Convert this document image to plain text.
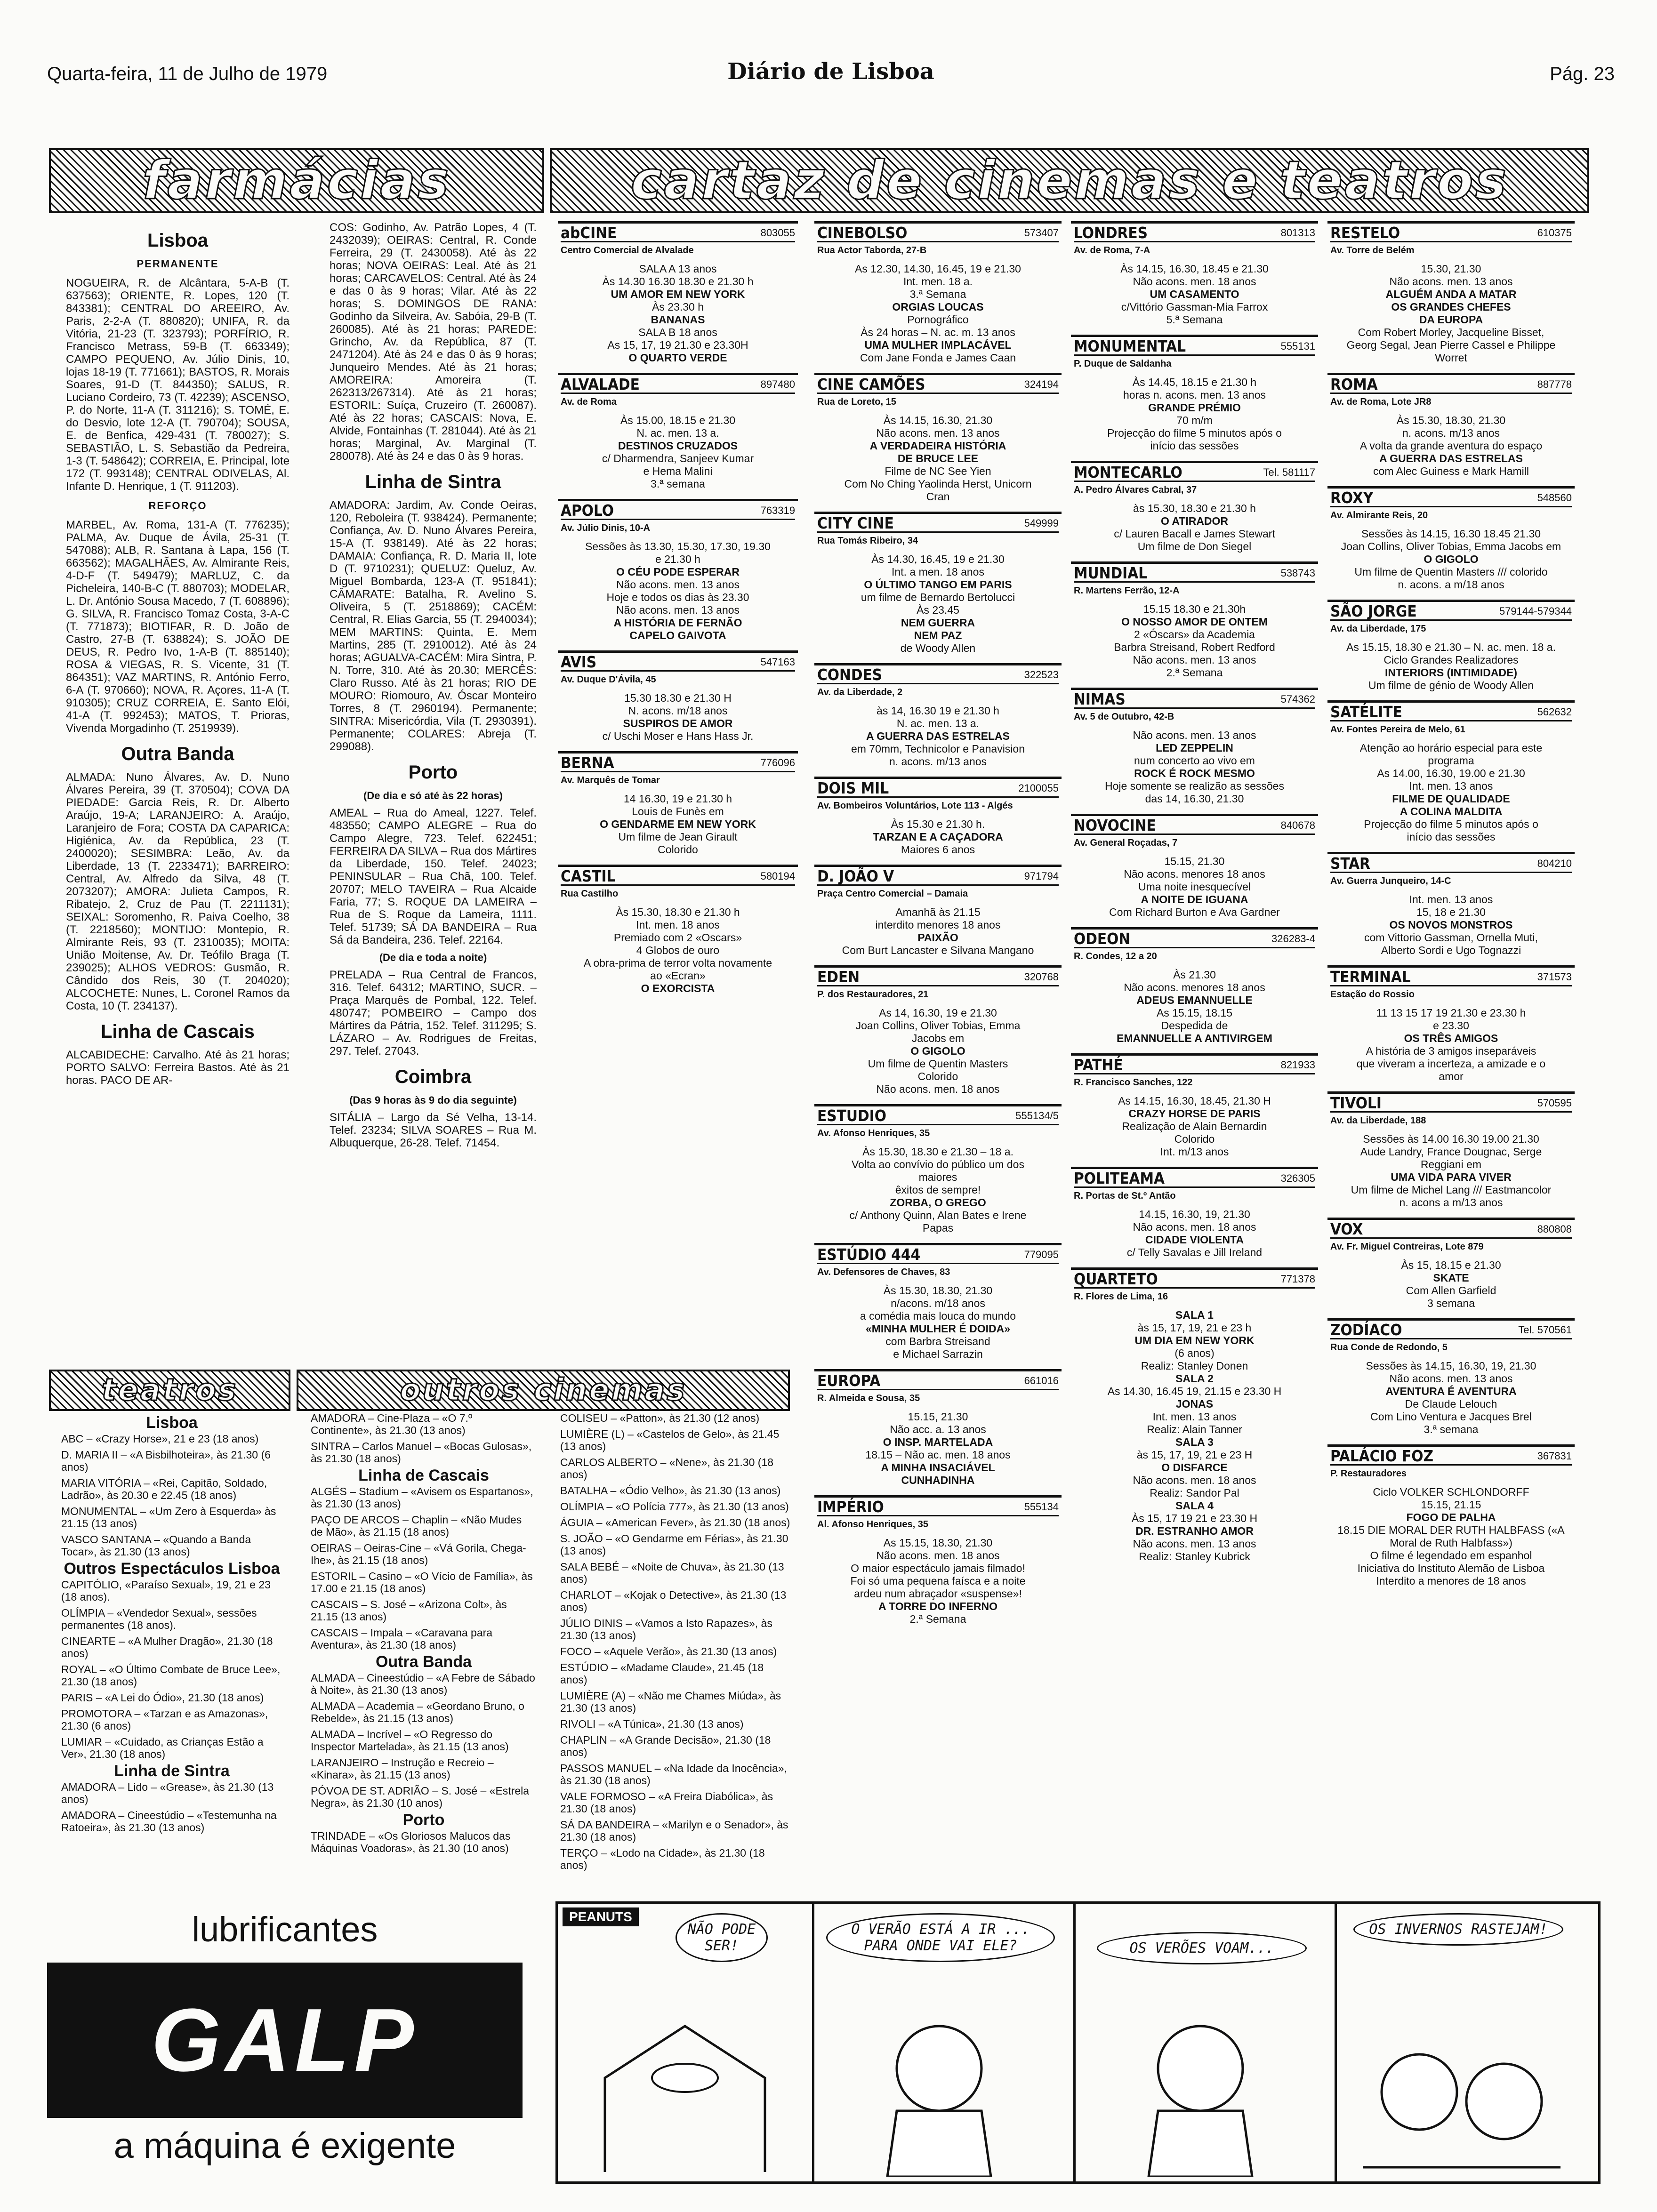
Quarta-feira, 11 de Julho de 1979	Diário de Lisboa	Pág. 23
farmácias	cartaz de cinemas e teatros
Lisboa
PERMANENTE

NOGUEIRA, R. de Alcântara, 5-A-B (T. 637563); ORIENTE, R. Lopes, 120 (T. 843381); CENTRAL DO AREEIRO, Av. Paris, 2-2-A (T. 880820); UNIFA, R. da Vitória, 21-23 (T. 323793); PORFÍRIO, R. Francisco Metrass, 59-B (T. 663349); CAMPO PEQUENO, Av. Júlio Dinis, 10, lojas 18-19 (T. 771661); BASTOS, R. Morais Soares, 91-D (T. 844350); SALUS, R. Luciano Cordeiro, 73 (T. 42239); ASCENSO, P. do Norte, 11-A (T. 311216); S. TOMÉ, E. do Desvio, lote 12-A (T. 790704); SOUSA, E. de Benfica, 429-431 (T. 780027); S. SEBASTIÃO, L. S. Sebastião da Pedreira, 1-3 (T. 548642); CORREIA, E. Principal, lote 172 (T. 993148); CENTRAL ODIVELAS, Al. Infante D. Henrique, 1 (T. 911203).

REFORÇO

MARBEL, Av. Roma, 131-A (T. 776235); PALMA, Av. Duque de Ávila, 25-31 (T. 547088); ALB, R. Santana à Lapa, 156 (T. 663562); MAGALHÃES, Av. Almirante Reis, 4-D-F (T. 549479); MARLUZ, C. da Picheleira, 140-B-C (T. 880703); MODELAR, L. Dr. António Sousa Macedo, 7 (T. 608896); G. SILVA, R. Francisco Tomaz Costa, 3-A-C (T. 771873); BIOTIFAR, R. D. João de Castro, 27-B (T. 638824); S. JOÃO DE DEUS, R. Pedro Ivo, 1-A-B (T. 885140); ROSA & VIEGAS, R. S. Vicente, 31 (T. 864351); VAZ MARTINS, R. António Ferro, 6-A (T. 970660); NOVA, R. Açores, 11-A (T. 910305); CRUZ CORREIA, E. Santo Elói, 41-A (T. 992453); MATOS, T. Prioras, Vivenda Morgadinho (T. 2519939).

Outra Banda

ALMADA: Nuno Álvares, Av. D. Nuno Álvares Pereira, 39 (T. 370504); COVA DA PIEDADE: Garcia Reis, R. Dr. Alberto Araújo, 19-A; LARANJEIRO: A. Araújo, Laranjeiro de Fora; COSTA DA CAPARICA: Higiénica, Av. da República, 23 (T. 2400020); SESIMBRA: Leão, Av. da Liberdade, 13 (T. 2233471); BARREIRO: Central, Av. Alfredo da Silva, 48 (T. 2073207); AMORA: Julieta Campos, R. Ribatejo, 2, Cruz de Pau (T. 2211131); SEIXAL: Soromenho, R. Paiva Coelho, 38 (T. 2218560); MONTIJO: Montepio, R. Almirante Reis, 93 (T. 2310035); MOITA: União Moitense, Av. Dr. Teófilo Braga (T. 239025); ALHOS VEDROS: Gusmão, R. Cândido dos Reis, 30 (T. 204020); ALCOCHETE: Nunes, L. Coronel Ramos da Costa, 10 (T. 234137).

Linha de Cascais

ALCABIDECHE: Carvalho. Até às 21 horas; PORTO SALVO: Ferreira Bastos. Até às 21 horas. PACO DE AR-

COS: Godinho, Av. Patrão Lopes, 4 (T. 2432039); OEIRAS: Central, R. Conde Ferreira, 29 (T. 2430058). Até às 22 horas; NOVA OEIRAS: Leal. Até às 21 horas; CARCAVELOS: Central. Até às 24 e das 0 às 9 horas; Vilar. Até às 22 horas; S. DOMINGOS DE RANA: Godinho da Silveira, Av. Sabóia, 29-B (T. 260085). Até às 21 horas; PAREDE: Grincho, Av. da República, 87 (T. 2471204). Até às 24 e das 0 às 9 horas; Junqueiro Mendes. Até às 21 horas; AMOREIRA: Amoreira (T. 262313/267314). Até às 21 horas; ESTORIL: Suíça, Cruzeiro (T. 260087). Até às 22 horas; CASCAIS: Nova, E. Alvide, Fontainhas (T. 281044). Até às 21 horas; Marginal, Av. Marginal (T. 280078). Até às 24 e das 0 às 9 horas.

Linha de Sintra

AMADORA: Jardim, Av. Conde Oeiras, 120, Reboleira (T. 938424). Permanente; Confiança, Av. D. Nuno Álvares Pereira, 15-A (T. 938149). Até às 22 horas; DAMAIA: Confiança, R. D. Maria II, lote D (T. 9710231); QUELUZ: Queluz, Av. Miguel Bombarda, 123-A (T. 951841); CÂMARATE: Batalha, R. Avelino S. Oliveira, 5 (T. 2518869); CACÉM: Central, R. Elias Garcia, 55 (T. 2940034); MEM MARTINS: Quinta, E. Mem Martins, 285 (T. 2910012). Até às 24 horas; AGUALVA-CACÉM: Mira Sintra, P. N. Torre, 310. Até às 20.30; MERCÊS: Claro Russo. Até às 21 horas; RIO DE MOURO: Riomouro, Av. Óscar Monteiro Torres, 8 (T. 2960194). Permanente; SINTRA: Misericórdia, Vila (T. 2930391). Permanente; COLARES: Abreja (T. 299088).

Porto
(De dia e só até às 22 horas)

AMEAL – Rua do Ameal, 1227. Telef. 483550; CAMPO ALEGRE – Rua do Campo Alegre, 723. Telef. 622451; FERREIRA DA SILVA – Rua dos Mártires da Liberdade, 150. Telef. 24023; PENINSULAR – Rua Chã, 100. Telef. 20707; MELO TAVEIRA – Rua Alcaide Faria, 77; S. ROQUE DA LAMEIRA – Rua de S. Roque da Lameira, 1111. Telef. 51739; SÁ DA BANDEIRA – Rua Sá da Bandeira, 236. Telef. 22164.

(De dia e toda a noite)

PRELADA – Rua Central de Francos, 316. Telef. 64312; MARTINO, SUCR. – Praça Marquês de Pombal, 122. Telef. 480747; POMBEIRO – Campo dos Mártires da Pátria, 152. Telef. 311295; S. LÁZARO – Av. Rodrigues de Freitas, 297. Telef. 27043.

Coimbra
(Das 9 horas às 9 do dia seguinte)

SITÁLIA – Largo da Sé Velha, 13-14. Telef. 23234; SILVA SOARES – Rua M. Albuquerque, 26-28. Telef. 71454.

abCINE	803055
Centro Comercial de Alvalade

SALA A 13 anos

Às 14.30 16.30 18.30 e 21.30 h

UM AMOR EM NEW YORK

Às 23.30 h

BANANAS

SALA B 18 anos

As 15, 17, 19 21.30 e 23.30H

O QUARTO VERDE

ALVALADE	897480
Av. de Roma

Às 15.00, 18.15 e 21.30

N. ac. men. 13 a.

DESTINOS CRUZADOS

c/ Dharmendra, Sanjeev Kumar

e Hema Malini

3.ª semana

APOLO	763319
Av. Júlio Dinis, 10-A

Sessões às 13.30, 15.30, 17.30, 19.30

e 21.30 h

O CÉU PODE ESPERAR

Não acons. men. 13 anos

Hoje e todos os dias às 23.30

Não acons. men. 13 anos

A HISTÓRIA DE FERNÃO

CAPELO GAIVOTA

AVIS	547163
Av. Duque D'Ávila, 45

15.30 18.30 e 21.30 H

N. acons. m/18 anos

SUSPIROS DE AMOR

c/ Uschi Moser e Hans Hass Jr.

BERNA	776096
Av. Marquês de Tomar

14 16.30, 19 e 21.30 h

Louis de Funès em

O GENDARME EM NEW YORK

Um filme de Jean Girault

Colorido

CASTIL	580194
Rua Castilho

Às 15.30, 18.30 e 21.30 h

Int. men. 18 anos

Premiado com 2 «Oscars»

4 Globos de ouro

A obra-prima de terror volta novamente

ao «Ecran»

O EXORCISTA

CINEBOLSO	573407
Rua Actor Taborda, 27-B

As 12.30, 14.30, 16.45, 19 e 21.30

Int. men. 18 a.

3.ª Semana

ORGIAS LOUCAS

Pornográfico

Às 24 horas – N. ac. m. 13 anos

UMA MULHER IMPLACÁVEL

Com Jane Fonda e James Caan

CINE CAMÕES	324194
Rua de Loreto, 15

Às 14.15, 16.30, 21.30

Não acons. men. 13 anos

A VERDADEIRA HISTÓRIA

DE BRUCE LEE

Filme de NC See Yien

Com No Ching Yaolinda Herst, Unicorn

Cran

CITY CINE	549999
Rua Tomás Ribeiro, 34

Às 14.30, 16.45, 19 e 21.30

Int. a men. 18 anos

O ÚLTIMO TANGO EM PARIS

um filme de Bernardo Bertolucci

Às 23.45

NEM GUERRA

NEM PAZ

de Woody Allen

CONDES	322523
Av. da Liberdade, 2

às 14, 16.30 19 e 21.30 h

N. ac. men. 13 a.

A GUERRA DAS ESTRELAS

em 70mm, Technicolor e Panavision

n. acons. m/13 anos

DOIS MIL	2100055
Av. Bombeiros Voluntários, Lote 113 - Algés

Às 15.30 e 21.30 h.

TARZAN E A CAÇADORA

Maiores 6 anos

D. JOÃO V	971794
Praça Centro Comercial – Damaia

Amanhã às 21.15

interdito menores 18 anos

PAIXÃO

Com Burt Lancaster e Silvana Mangano

EDEN	320768
P. dos Restauradores, 21

As 14, 16.30, 19 e 21.30

Joan Collins, Oliver Tobias, Emma

Jacobs em

O GIGOLO

Um filme de Quentin Masters

Colorido

Não acons. men. 18 anos

ESTUDIO	555134/5
Av. Afonso Henriques, 35

Às 15.30, 18.30 e 21.30 – 18 a.

Volta ao convívio do público um dos

maiores

êxitos de sempre!

ZORBA, O GREGO

c/ Anthony Quinn, Alan Bates e Irene

Papas

ESTÚDIO 444	779095
Av. Defensores de Chaves, 83

Às 15.30, 18.30, 21.30

n/acons. m/18 anos

a comédia mais louca do mundo

«MINHA MULHER É DOIDA»

com Barbra Streisand

e Michael Sarrazin

EUROPA	661016
R. Almeida e Sousa, 35

15.15, 21.30

Não acc. a. 13 anos

O INSP. MARTELADA

18.15 – Não ac. men. 18 anos

A MINHA INSACIÁVEL

CUNHADINHA

IMPÉRIO	555134
Al. Afonso Henriques, 35

As 15.15, 18.30, 21.30

Não acons. men. 18 anos

O maior espectáculo jamais filmado!

Foi só uma pequena faísca e a noite

ardeu num abraçador «suspense»!

A TORRE DO INFERNO

2.ª Semana

LONDRES	801313
Av. de Roma, 7-A

Às 14.15, 16.30, 18.45 e 21.30

Não acons. men. 18 anos

UM CASAMENTO

c/Vittório Gassman-Mia Farrox

5.ª Semana

MONUMENTAL	555131
P. Duque de Saldanha

Às 14.45, 18.15 e 21.30 h

horas n. acons. men. 13 anos

GRANDE PRÉMIO

70 m/m

Projecção do filme 5 minutos após o

início das sessões

MONTECARLO	Tel. 581117
A. Pedro Álvares Cabral, 37

às 15.30, 18.30 e 21.30 h

O ATIRADOR

c/ Lauren Bacall e James Stewart

Um filme de Don Siegel

MUNDIAL	538743
R. Martens Ferrão, 12-A

15.15 18.30 e 21.30h

O NOSSO AMOR DE ONTEM

2 «Óscars» da Academia

Barbra Streisand, Robert Redford

Não acons. men. 13 anos

2.ª Semana

NIMAS	574362
Av. 5 de Outubro, 42-B

Não acons. men. 13 anos

LED ZEPPELIN

num concerto ao vivo em

ROCK É ROCK MESMO

Hoje somente se realizão as sessões

das 14, 16.30, 21.30

NOVOCINE	840678
Av. General Roçadas, 7

15.15, 21.30

Não acons. menores 18 anos

Uma noite inesquecível

A NOITE DE IGUANA

Com Richard Burton e Ava Gardner

ODEON	326283-4
R. Condes, 12 a 20

Às 21.30

Não acons. menores 18 anos

ADEUS EMANNUELLE

As 15.15, 18.15

Despedida de

EMANNUELLE A ANTIVIRGEM

PATHÉ	821933
R. Francisco Sanches, 122

As 14.15, 16.30, 18.45, 21.30 H

CRAZY HORSE DE PARIS

Realização de Alain Bernardin

Colorido

Int. m/13 anos

POLITEAMA	326305
R. Portas de St.º Antão

14.15, 16.30, 19, 21.30

Não acons. men. 18 anos

CIDADE VIOLENTA

c/ Telly Savalas e Jill Ireland

QUARTETO	771378
R. Flores de Lima, 16

SALA 1

às 15, 17, 19, 21 e 23 h

UM DIA EM NEW YORK

(6 anos)

Realiz: Stanley Donen

SALA 2

As 14.30, 16.45 19, 21.15 e 23.30 H

JONAS

Int. men. 13 anos

Realiz: Alain Tanner

SALA 3

às 15, 17, 19, 21 e 23 H

O DISFARCE

Não acons. men. 18 anos

Realiz: Sandor Pal

SALA 4

Às 15, 17 19 21 e 23.30 H

DR. ESTRANHO AMOR

Não acons. men. 13 anos

Realiz: Stanley Kubrick

RESTELO	610375
Av. Torre de Belém

15.30, 21.30

Não acons. men. 13 anos

ALGUÉM ANDA A MATAR

OS GRANDES CHEFES

DA EUROPA

Com Robert Morley, Jacqueline Bisset,

Georg Segal, Jean Pierre Cassel e Philippe Worret

ROMA	887778
Av. de Roma, Lote JR8

Às 15.30, 18.30, 21.30

n. acons. m/13 anos

A volta da grande aventura do espaço

A GUERRA DAS ESTRELAS

com Alec Guiness e Mark Hamill

ROXY	548560
Av. Almirante Reis, 20

Sessões às 14.15, 16.30 18.45 21.30

Joan Collins, Oliver Tobias, Emma Jacobs em

O GIGOLO

Um filme de Quentin Masters /// colorido

n. acons. a m/18 anos

SÃO JORGE	579144-579344
Av. da Liberdade, 175

As 15.15, 18.30 e 21.30 – N. ac. men. 18 a.

Ciclo Grandes Realizadores

INTERIORS (INTIMIDADE)

Um filme de génio de Woody Allen

SATÉLITE	562632
Av. Fontes Pereira de Melo, 61

Atenção ao horário especial para este

programa

As 14.00, 16.30, 19.00 e 21.30

Int. men. 13 anos

FILME DE QUALIDADE

A COLINA MALDITA

Projecção do filme 5 minutos após o

início das sessões

STAR	804210
Av. Guerra Junqueiro, 14-C

Int. men. 13 anos

15, 18 e 21.30

OS NOVOS MONSTROS

com Vittorio Gassman, Ornella Muti,

Alberto Sordi e Ugo Tognazzi

TERMINAL	371573
Estação do Rossio

11 13 15 17 19 21.30 e 23.30 h

e 23.30

OS TRÊS AMIGOS

A história de 3 amigos inseparáveis

que viveram a incerteza, a amizade e o

amor

TIVOLI	570595
Av. da Liberdade, 188

Sessões às 14.00 16.30 19.00 21.30

Aude Landry, France Dougnac, Serge

Reggiani em

UMA VIDA PARA VIVER

Um filme de Michel Lang /// Eastmancolor

n. acons a m/13 anos

VOX	880808
Av. Fr. Miguel Contreiras, Lote 879

Às 15, 18.15 e 21.30

SKATE

Com Allen Garfield

3 semana

ZODÍACO	Tel. 570561
Rua Conde de Redondo, 5

Sessões às 14.15, 16.30, 19, 21.30

Não acons. men. 13 anos

AVENTURA É AVENTURA

De Claude Lelouch

Com Lino Ventura e Jacques Brel

3.ª semana

PALÁCIO FOZ	367831
P. Restauradores

Ciclo VOLKER SCHLONDORFF

15.15, 21.15

FOGO DE PALHA

18.15 DIE MORAL DER RUTH HALBFASS («A Moral de Ruth Halbfass»)

O filme é legendado em espanhol

Iniciativa do Instituto Alemão de Lisboa

Interdito a menores de 18 anos

teatros	outros cinemas
Lisboa

ABC – «Crazy Horse», 21 e 23 (18 anos)

D. MARIA II – «A Bisbilhoteira», às 21.30 (6 anos)

MARIA VITÓRIA – «Rei, Capitão, Soldado, Ladrão», às 20.30 e 22.45 (18 anos)

MONUMENTAL – «Um Zero à Esquerda» às 21.15 (13 anos)

VASCO SANTANA – «Quando a Banda Tocar», às 21.30 (13 anos)

Outros Espectáculos Lisboa

CAPITÓLIO, «Paraíso Sexual», 19, 21 e 23 (18 anos).

OLÍMPIA – «Vendedor Sexual», sessões permanentes (18 anos).

CINEARTE – «A Mulher Dragão», 21.30 (18 anos)

ROYAL – «O Último Combate de Bruce Lee», 21.30 (18 anos)

PARIS – «A Lei do Ódio», 21.30 (18 anos)

PROMOTORA – «Tarzan e as Amazonas», 21.30 (6 anos)

LUMIAR – «Cuidado, as Crianças Estão a Ver», 21.30 (18 anos)

Linha de Sintra

AMADORA – Lido – «Grease», às 21.30 (13 anos)

AMADORA – Cineestúdio – «Testemunha na Ratoeira», às 21.30 (13 anos)

AMADORA – Cine-Plaza – «O 7.º Continente», às 21.30 (13 anos)

SINTRA – Carlos Manuel – «Bocas Gulosas», às 21.30 (18 anos)

Linha de Cascais

ALGÉS – Stadium – «Avisem os Espartanos», às 21.30 (13 anos)

PAÇO DE ARCOS – Chaplin – «Não Mudes de Mão», às 21.15 (18 anos)

OEIRAS – Oeiras-Cine – «Vá Gorila, Chega-Ihe», às 21.15 (18 anos)

ESTORIL – Casino – «O Vício de Família», às 17.00 e 21.15 (18 anos)

CASCAIS – S. José – «Arizona Colt», às 21.15 (13 anos)

CASCAIS – Impala – «Caravana para Aventura», às 21.30 (18 anos)

Outra Banda

ALMADA – Cineestúdio – «A Febre de Sábado à Noite», às 21.30 (13 anos)

ALMADA – Academia – «Geordano Bruno, o Rebelde», às 21.15 (13 anos)

ALMADA – Incrível – «O Regresso do Inspector Martelada», às 21.15 (13 anos)

LARANJEIRO – Instrução e Recreio – «Kinara», às 21.15 (13 anos)

PÓVOA DE ST. ADRIÃO – S. José – «Estrela Negra», às 21.30 (10 anos)

Porto

TRINDADE – «Os Gloriosos Malucos das Máquinas Voadoras», às 21.30 (10 anos)

COLISEU – «Patton», às 21.30 (12 anos)

LUMIÈRE (L) – «Castelos de Gelo», às 21.45 (13 anos)

CARLOS ALBERTO – «Nene», às 21.30 (18 anos)

BATALHA – «Ódio Velho», às 21.30 (13 anos)

OLÍMPIA – «O Polícia 777», às 21.30 (13 anos)

ÁGUIA – «American Fever», às 21.30 (18 anos)

S. JOÃO – «O Gendarme em Férias», às 21.30 (13 anos)

SALA BEBÉ – «Noite de Chuva», às 21.30 (13 anos)

CHARLOT – «Kojak o Detective», às 21.30 (13 anos)

JÚLIO DINIS – «Vamos a Isto Rapazes», às 21.30 (13 anos)

FOCO – «Aquele Verão», às 21.30 (13 anos)

ESTÚDIO – «Madame Claude», 21.45 (18 anos)

LUMIÈRE (A) – «Não me Chames Miúda», às 21.30 (13 anos)

RIVOLI – «A Túnica», 21.30 (13 anos)

CHAPLIN – «A Grande Decisão», 21.30 (18 anos)

PASSOS MANUEL – «Na Idade da Inocência», às 21.30 (18 anos)

VALE FORMOSO – «A Freira Diabólica», às 21.30 (18 anos)

SÁ DA BANDEIRA – «Marilyn e o Senador», às 21.30 (18 anos)

TERÇO – «Lodo na Cidade», às 21.30 (18 anos)

lubrificantes
GALP
a máquina é exigente
PEANUTS
NÃO PODE SER!
O VERÃO ESTÁ A IR ... PARA ONDE VAI ELE?	OS VERÕES VOAM...
OS INVERNOS RASTEJAM!
